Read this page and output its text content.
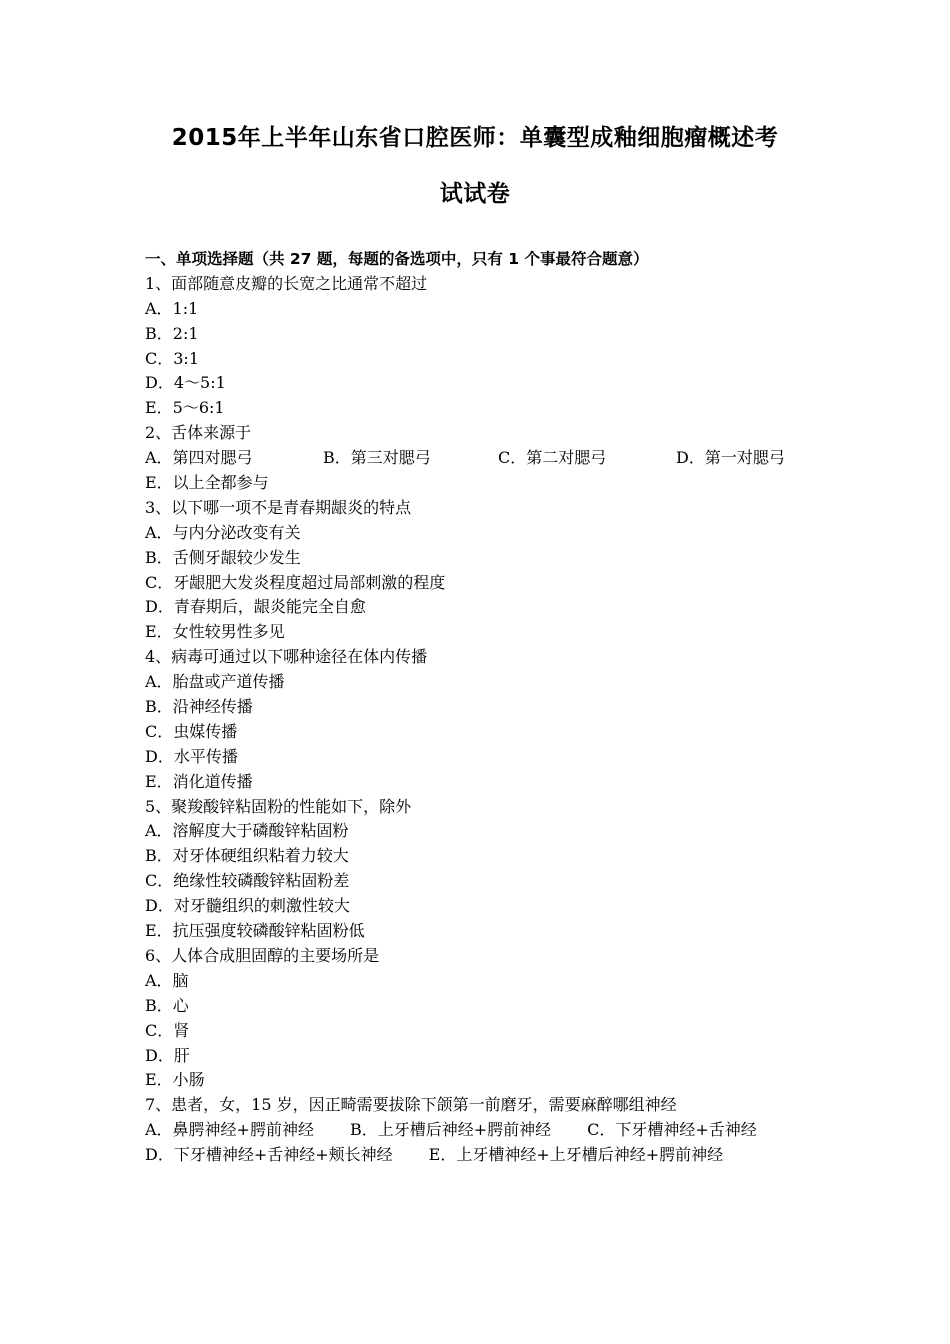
2015年上半年山东省口腔医师：单囊型成釉细胞瘤概述考
试试卷
一、单项选择题（共 27 题，每题的备选项中，只有 1 个事最符合题意）
1、面部随意皮瓣的长宽之比通常不超过
A．1:1
B．2:1
C．3:1
D．4～5:1
E．5～6:1
2、舌体来源于
A．第四对腮弓	B．第三对腮弓	C．第二对腮弓	D．第一对腮弓
E．以上全都参与
3、以下哪一项不是青春期龈炎的特点
A．与内分泌改变有关
B．舌侧牙龈较少发生
C．牙龈肥大发炎程度超过局部刺激的程度
D．青春期后，龈炎能完全自愈
E．女性较男性多见
4、病毒可通过以下哪种途径在体内传播
A．胎盘或产道传播
B．沿神经传播
C．虫媒传播
D．水平传播
E．消化道传播
5、聚羧酸锌粘固粉的性能如下，除外
A．溶解度大于磷酸锌粘固粉
B．对牙体硬组织粘着力较大
C．绝缘性较磷酸锌粘固粉差
D．对牙髓组织的刺激性较大
E．抗压强度较磷酸锌粘固粉低
6、人体合成胆固醇的主要场所是
A．脑
B．心
C．肾
D．肝
E．小肠
7、患者，女，15 岁，因正畸需要拔除下颌第一前磨牙，需要麻醉哪组神经
A．鼻腭神经+腭前神经 B．上牙槽后神经+腭前神经 C．下牙槽神经+舌神经D．下牙槽神经+舌神经+颊长神经 E．上牙槽神经+上牙槽后神经+腭前神经
